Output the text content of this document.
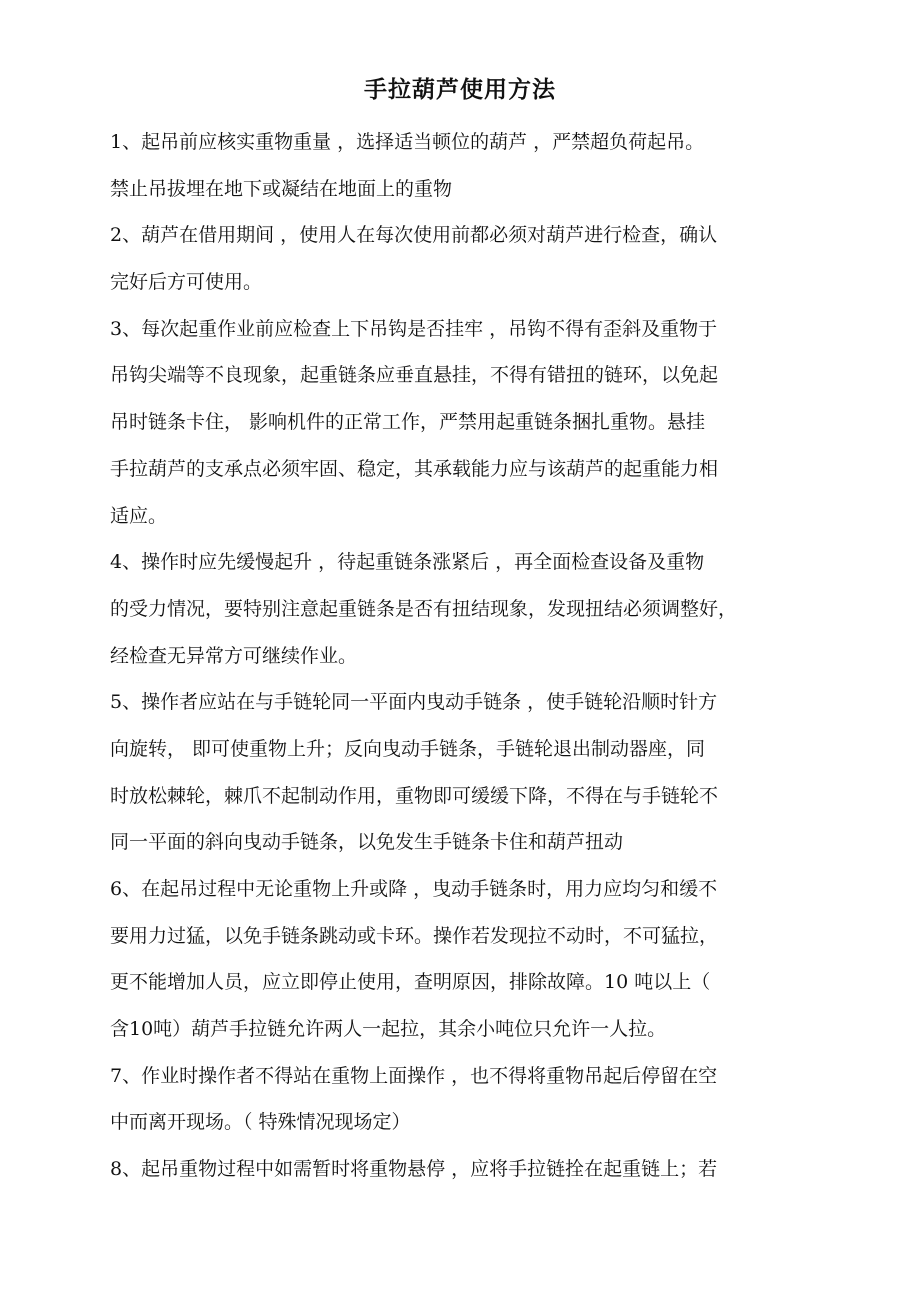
手拉葫芦使用方法
1、起吊前应核实重物重量 ，选择适当顿位的葫芦 ，严禁超负荷起吊。
禁止吊拔埋在地下或凝结在地面上的重物
2、葫芦在借用期间 ，使用人在每次使用前都必须对葫芦进行检查，确认
完好后方可使用。
3、每次起重作业前应检查上下吊钩是否挂牢 ，吊钩不得有歪斜及重物于
吊钩尖端等不良现象，起重链条应垂直悬挂，不得有错扭的链环，以免起
吊时链条卡住， 影响机件的正常工作，严禁用起重链条捆扎重物。悬挂
手拉葫芦的支承点必须牢固、稳定，其承载能力应与该葫芦的起重能力相
适应。
4、操作时应先缓慢起升 ，待起重链条涨紧后 ，再全面检查设备及重物
的受力情况，要特别注意起重链条是否有扭结现象，发现扭结必须调整好，
经检查无异常方可继续作业。
5、操作者应站在与手链轮同一平面内曳动手链条 ，使手链轮沿顺时针方
向旋转， 即可使重物上升；反向曳动手链条，手链轮退出制动器座，同
时放松棘轮，棘爪不起制动作用，重物即可缓缓下降，不得在与手链轮不
同一平面的斜向曳动手链条，以免发生手链条卡住和葫芦扭动
6、在起吊过程中无论重物上升或降 ，曳动手链条时，用力应均匀和缓不
要用力过猛，以免手链条跳动或卡环。操作若发现拉不动时，不可猛拉，
更不能增加人员，应立即停止使用，查明原因，排除故障。10 吨以上（
含10吨）葫芦手拉链允许两人一起拉，其余小吨位只允许一人拉。
7、作业时操作者不得站在重物上面操作 ，也不得将重物吊起后停留在空
中而离开现场。（ 特殊情况现场定）
8、起吊重物过程中如需暂时将重物悬停 ，应将手拉链拴在起重链上；若
